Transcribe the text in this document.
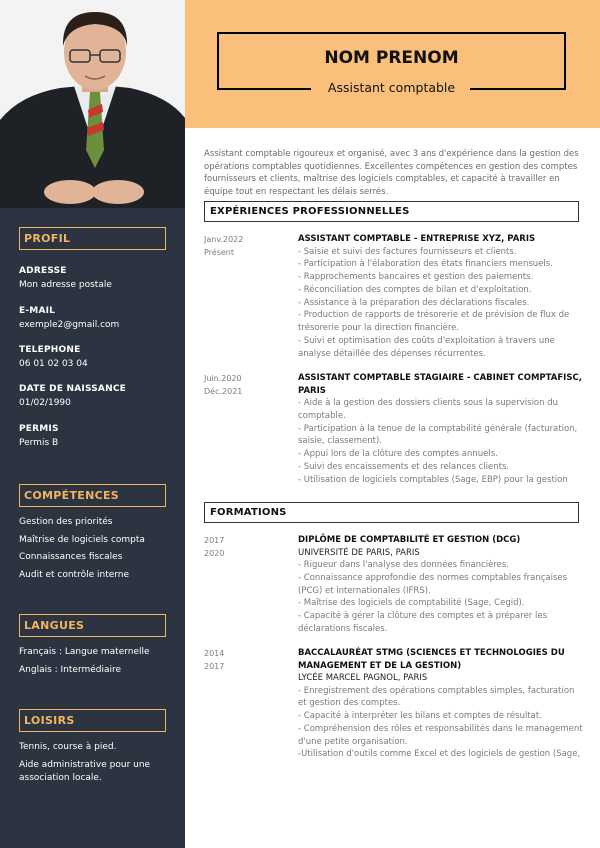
PROFIL
ADRESSE
Mon adresse postale
E-MAIL
exemple2@gmail.com
TELEPHONE
06 01 02 03 04
DATE DE NAISSANCE
01/02/1990
PERMIS
Permis B
COMPÉTENCES
Gestion des priorités
Maîtrise de logiciels compta
Connaissances fiscales
Audit et contrôle interne
LANGUES
Français : Langue maternelle
Anglais : Intermédiaire
LOISIRS
Tennis, course à pied.
Aide administrative pour une association locale.
NOM PRENOM
Assistant comptable
Assistant comptable rigoureux et organisé, avec 3 ans d'expérience dans la gestion des opérations comptables quotidiennes. Excellentes compétences en gestion des comptes fournisseurs et clients, maîtrise des logiciels comptables, et capacité à travailler en équipe tout en respectant les délais serrés.
EXPÉRIENCES PROFESSIONNELLES
Janv.2022
Présent
ASSISTANT COMPTABLE - ENTREPRISE XYZ, PARIS
- Saisie et suivi des factures fournisseurs et clients.
- Participation à l'élaboration des états financiers mensuels.
- Rapprochements bancaires et gestion des paiements.
- Réconciliation des comptes de bilan et d'exploitation.
- Assistance à la préparation des déclarations fiscales.
- Production de rapports de trésorerie et de prévision de flux de trésorerie pour la direction financière.
- Suivi et optimisation des coûts d'exploitation à travers une analyse détaillée des dépenses récurrentes.
Juin.2020
Déc.2021
ASSISTANT COMPTABLE STAGIAIRE - CABINET COMPTAFISC, PARIS
- Aide à la gestion des dossiers clients sous la supervision du comptable.
- Participation à la tenue de la comptabilité générale (facturation, saisie, classement).
- Appui lors de la clôture des comptes annuels.
- Suivi des encaissements et des relances clients.
- Utilisation de logiciels comptables (Sage, EBP) pour la gestion
FORMATIONS
2017
2020
DIPLÔME DE COMPTABILITÉ ET GESTION (DCG)
UNIVERSITÉ DE PARIS, PARIS
- Rigueur dans l'analyse des données financières.
- Connaissance approfondie des normes comptables françaises (PCG) et internationales (IFRS).
- Maîtrise des logiciels de comptabilité (Sage, Cegid).
- Capacité à gérer la clôture des comptes et à préparer les déclarations fiscales.
2014
2017
BACCALAURÉAT STMG (SCIENCES ET TECHNOLOGIES DU MANAGEMENT ET DE LA GESTION)
LYCÉE MARCEL PAGNOL, PARIS
- Enregistrement des opérations comptables simples, facturation et gestion des comptes.
- Capacité à interpréter les bilans et comptes de résultat.
- Compréhension des rôles et responsabilités dans le management d'une petite organisation.
-Utilisation d'outils comme Excel et des logiciels de gestion (Sage,
